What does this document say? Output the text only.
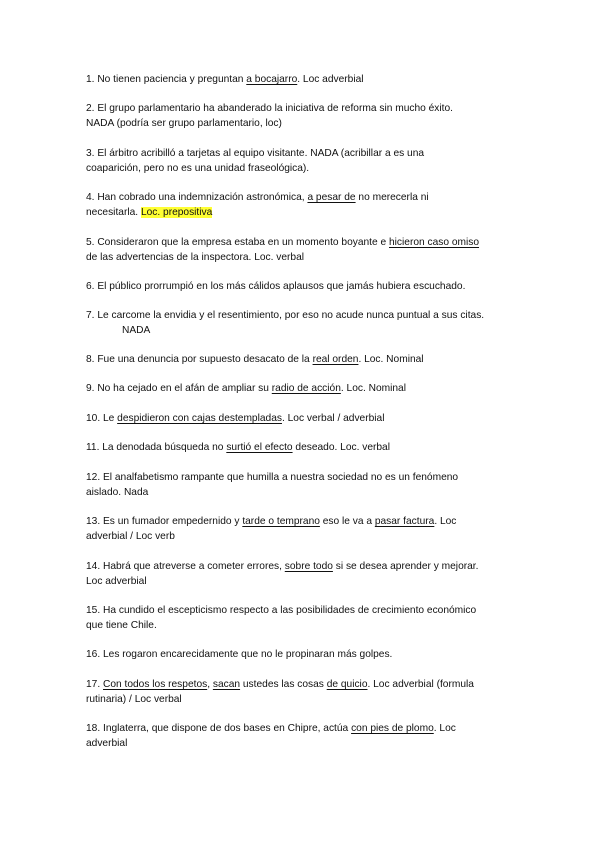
1. No tienen paciencia y preguntan a bocajarro. Loc adverbial
2. El grupo parlamentario ha abanderado la iniciativa de reforma sin mucho éxito.
NADA (podría ser grupo parlamentario, loc)
3. El árbitro acribilló a tarjetas al equipo visitante. NADA (acribillar a es una
coaparición, pero no es una unidad fraseológica).
4. Han cobrado una indemnización astronómica, a pesar de no merecerla ni
necesitarla. Loc. prepositiva
5. Consideraron que la empresa estaba en un momento boyante e hicieron caso omiso
de las advertencias de la inspectora. Loc. verbal
6. El público prorrumpió en los más cálidos aplausos que jamás hubiera escuchado.
7. Le carcome la envidia y el resentimiento, por eso no acude nunca puntual a sus citas.
NADA
8. Fue una denuncia por supuesto desacato de la real orden. Loc. Nominal
9. No ha cejado en el afán de ampliar su radio de acción. Loc. Nominal
10. Le despidieron con cajas destempladas. Loc verbal / adverbial
11. La denodada búsqueda no surtió el efecto deseado. Loc. verbal
12. El analfabetismo rampante que humilla a nuestra sociedad no es un fenómeno
aislado. Nada
13. Es un fumador empedernido y tarde o temprano eso le va a pasar factura. Loc
adverbial / Loc verb
14. Habrá que atreverse a cometer errores, sobre todo si se desea aprender y mejorar.
Loc adverbial
15. Ha cundido el escepticismo respecto a las posibilidades de crecimiento económico
que tiene Chile.
16. Les rogaron encarecidamente que no le propinaran más golpes.
17. Con todos los respetos, sacan ustedes las cosas de quicio. Loc adverbial (formula
rutinaria) / Loc verbal
18. Inglaterra, que dispone de dos bases en Chipre, actúa con pies de plomo. Loc
adverbial
